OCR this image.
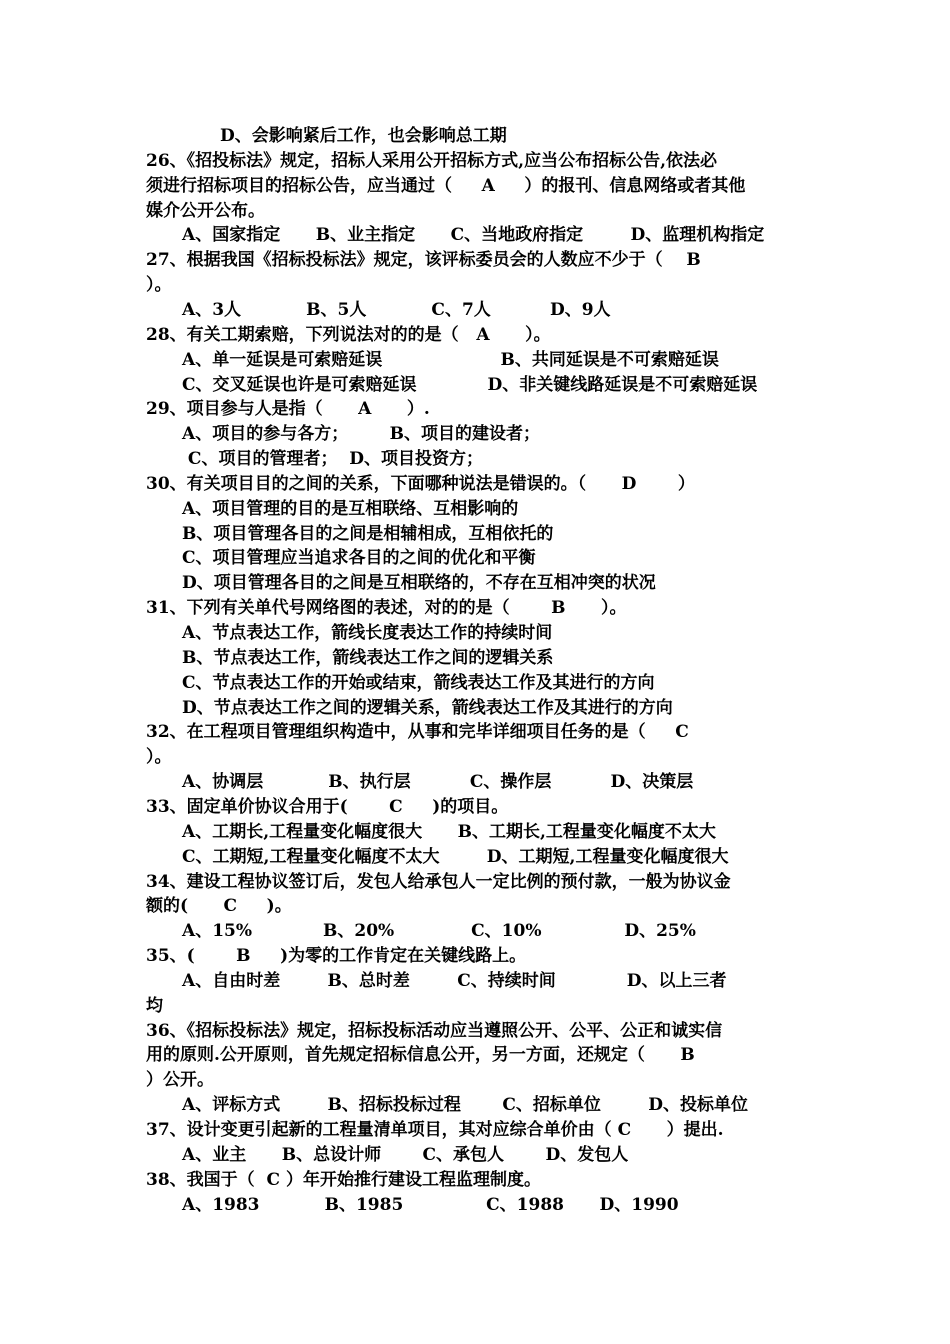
D、会影响紧后工作，也会影响总工期
26、《招投标法》规定，招标人采用公开招标方式,应当公布招标公告,依法必
须进行招标项目的招标公告，应当通过（     A     ）的报刊、信息网络或者其他
媒介公开公布。
A、国家指定      B、业主指定      C、当地政府指定        D、监理机构指定
27、根据我国《招标投标法》规定，该评标委员会的人数应不少于（    B
）。
A、3人           B、5人           C、7人          D、9人
28、有关工期索赔，下列说法对的的是（   A      ）。
A、单一延误是可索赔延误                    B、共同延误是不可索赔延误
C、交叉延误也许是可索赔延误            D、非关键线路延误是不可索赔延误
29、项目参与人是指（      A      ）.
A、项目的参与各方；       B、项目的建设者；
C、项目的管理者；  D、项目投资方；
30、有关项目目的之间的关系，下面哪种说法是错误的。（      D       ）
A、项目管理的目的是互相联络、互相影响的
B、项目管理各目的之间是相辅相成，互相依托的
C、项目管理应当追求各目的之间的优化和平衡
D、项目管理各目的之间是互相联络的，不存在互相冲突的状况
31、下列有关单代号网络图的表述，对的的是（       B      ）。
A、节点表达工作，箭线长度表达工作的持续时间
B、节点表达工作，箭线表达工作之间的逻辑关系
C、节点表达工作的开始或结束，箭线表达工作及其进行的方向
D、节点表达工作之间的逻辑关系，箭线表达工作及其进行的方向
32、在工程项目管理组织构造中，从事和完毕详细项目任务的是（     C
）。
A、协调层           B、执行层          C、操作层          D、决策层
33、固定单价协议合用于(       C     )的项目。
A、工期长,工程量变化幅度很大      B、工期长,工程量变化幅度不太大
C、工期短,工程量变化幅度不太大        D、工期短,工程量变化幅度很大
34、建设工程协议签订后，发包人给承包人一定比例的预付款，一般为协议金
额的(      C     )。
A、15%            B、20%             C、10%              D、25%
35、(       B     )为零的工作肯定在关键线路上。
A、自由时差        B、总时差        C、持续时间            D、以上三者
均
36、《招标投标法》规定，招标投标活动应当遵照公开、公平、公正和诚实信
用的原则.公开原则，首先规定招标信息公开，另一方面，还规定（      B
）公开。
A、评标方式        B、招标投标过程       C、招标单位        D、投标单位
37、设计变更引起新的工程量清单项目，其对应综合单价由（ C      ）提出.
A、业主      B、总设计师       C、承包人       D、发包人
38、我国于（  C ）年开始推行建设工程监理制度。
A、1983           B、1985              C、1988      D、1990
